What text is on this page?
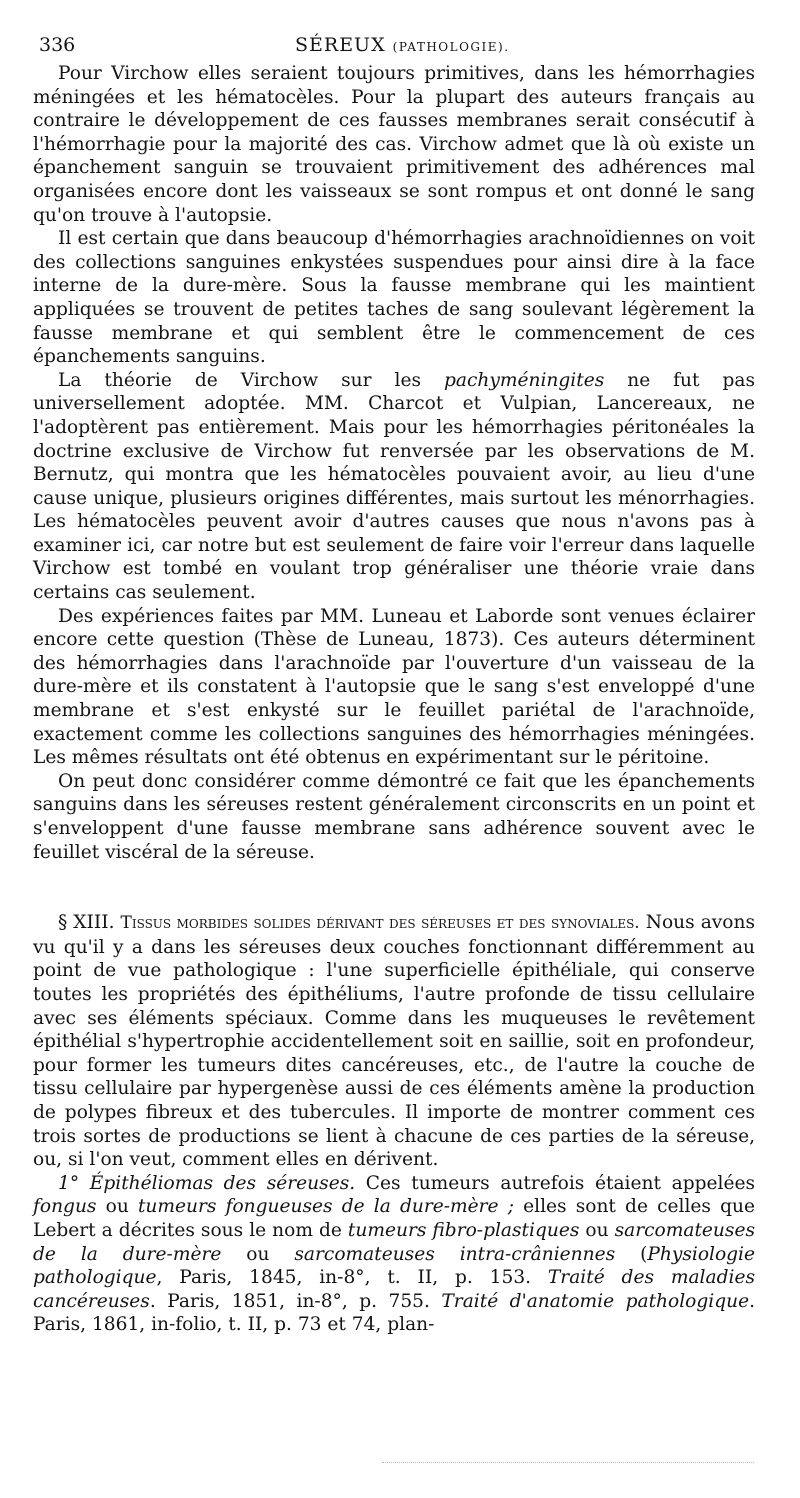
336	SÉREUX (PATHOLOGIE).

Pour Virchow elles seraient toujours primitives, dans les hémorrhagies méningées et les hématocèles. Pour la plupart des auteurs français au contraire le développement de ces fausses membranes serait consécutif à l'hémorrhagie pour la majorité des cas. Virchow admet que là où existe un épanchement sanguin se trouvaient primitivement des adhérences mal organisées encore dont les vaisseaux se sont rompus et ont donné le sang qu'on trouve à l'autopsie.

Il est certain que dans beaucoup d'hémorrhagies arachnoïdiennes on voit des collections sanguines enkystées suspendues pour ainsi dire à la face interne de la dure-mère. Sous la fausse membrane qui les maintient appliquées se trouvent de petites taches de sang soulevant légèrement la fausse membrane et qui semblent être le commencement de ces épanchements sanguins.

La théorie de Virchow sur les pachyméningites ne fut pas universellement adoptée. MM. Charcot et Vulpian, Lancereaux, ne l'adoptèrent pas entièrement. Mais pour les hémorrhagies péritonéales la doctrine exclusive de Virchow fut renversée par les observations de M. Bernutz, qui montra que les hématocèles pouvaient avoir, au lieu d'une cause unique, plusieurs origines différentes, mais surtout les ménorrhagies. Les hématocèles peuvent avoir d'autres causes que nous n'avons pas à examiner ici, car notre but est seulement de faire voir l'erreur dans laquelle Virchow est tombé en voulant trop généraliser une théorie vraie dans certains cas seulement.

Des expériences faites par MM. Luneau et Laborde sont venues éclairer encore cette question (Thèse de Luneau, 1873). Ces auteurs déterminent des hémorrhagies dans l'arachnoïde par l'ouverture d'un vaisseau de la dure-mère et ils constatent à l'autopsie que le sang s'est enveloppé d'une membrane et s'est enkysté sur le feuillet pariétal de l'arachnoïde, exactement comme les collections sanguines des hémorrhagies méningées. Les mêmes résultats ont été obtenus en expérimentant sur le péritoine.

On peut donc considérer comme démontré ce fait que les épanchements sanguins dans les séreuses restent généralement circonscrits en un point et s'enveloppent d'une fausse membrane sans adhérence souvent avec le feuillet viscéral de la séreuse.

§ XIII. Tissus morbides solides dérivant des séreuses et des synoviales. Nous avons vu qu'il y a dans les séreuses deux couches fonctionnant différemment au point de vue pathologique : l'une superficielle épithéliale, qui conserve toutes les propriétés des épithéliums, l'autre profonde de tissu cellulaire avec ses éléments spéciaux. Comme dans les muqueuses le revêtement épithélial s'hypertrophie accidentellement soit en saillie, soit en profondeur, pour former les tumeurs dites cancéreuses, etc., de l'autre la couche de tissu cellulaire par hypergenèse aussi de ces éléments amène la production de polypes fibreux et des tubercules. Il importe de montrer comment ces trois sortes de productions se lient à chacune de ces parties de la séreuse, ou, si l'on veut, comment elles en dérivent.

1° Épithéliomas des séreuses. Ces tumeurs autrefois étaient appelées fongus ou tumeurs fongueuses de la dure-mère ; elles sont de celles que Lebert a décrites sous le nom de tumeurs fibro-plastiques ou sarcomateuses de la dure-mère ou sarcomateuses intra-crâniennes (Physiologie pathologique, Paris, 1845, in-8°, t. II, p. 153. Traité des maladies cancéreuses. Paris, 1851, in-8°, p. 755. Traité d'anatomie pathologique. Paris, 1861, in-folio, t. II, p. 73 et 74, plan-
